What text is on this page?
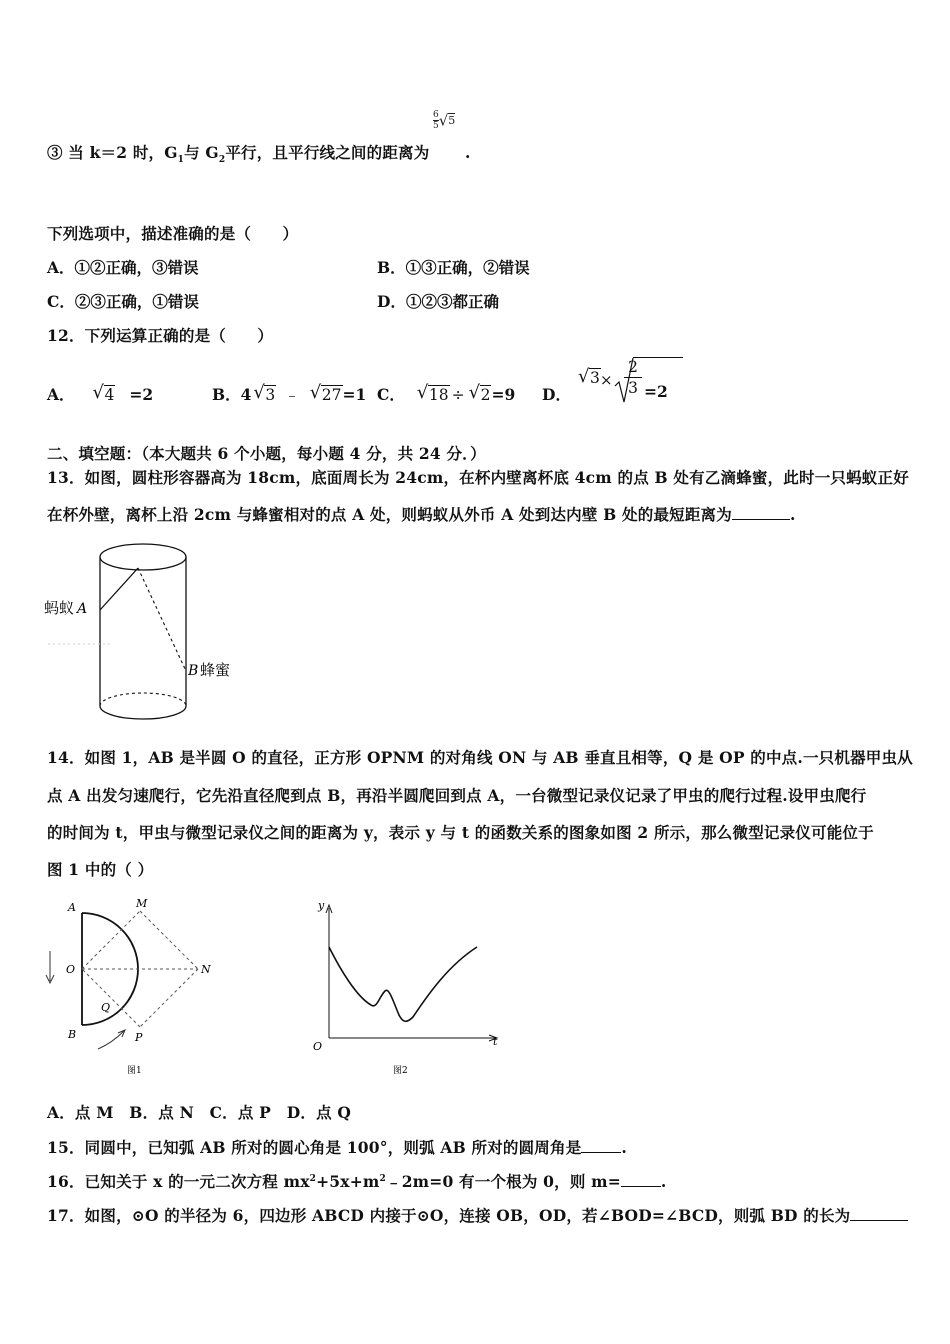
③ 当 k＝2 时，$G_1$与 $G_2$平行，且平行线之间的距离为 .
$\frac{6}{5} √5$
下列选项中，描述准确的是（　　）
A．①②正确，③错误	B．①③正确，②错误
C．②③正确，①错误	D．①②③都正确
12．下列运算正确的是（　　）
A． √ 4 =2	B．4 √ 3 ﹣ √ 27=1 C． √ 18 ÷ √ 2=9 D．
√ 3 ×
2
3 =2
二、填空题：（本大题共 6 个小题，每小题 4 分，共 24 分．）
13．如图，圆柱形容器高为 18cm，底面周长为 24cm，在杯内壁离杯底 4cm 的点 B 处有乙滴蜂蜜，此时一只蚂蚁正好
在杯外壁，离杯上沿 2cm 与蜂蜜相对的点 A 处，则蚂蚁从外币 A 处到达内壁 B 处的最短距离为	.
蚂蚁 A
B 蜂蜜
14．如图 1，AB 是半圆 O 的直径，正方形 OPNM 的对角线 ON 与 AB 垂直且相等，Q 是 OP 的中点.一只机器甲虫从
点 A 出发匀速爬行，它先沿直径爬到点 B，再沿半圆爬回到点 A，一台微型记录仪记录了甲虫的爬行过程.设甲虫爬行
的时间为 t，甲虫与微型记录仪之间的距离为 y，表示 y 与 t 的函数关系的图象如图 2 所示，那么微型记录仪可能位于
图 1 中的（ ）
A	M
O	N
Q
B	P
图1
y
O	t
图2
A．点 M　B．点 N　C．点 P　D．点 Q
15．同圆中，已知弧 AB 所对的圆心角是 100°，则弧 AB 所对的圆周角是	.
16．已知关于 x 的一元二次方程 $mx^2+5x+m^2﹣2m=0$ 有一个根为 0，则 m=	.
17．如图，⊙O 的半径为 6，四边形 ABCD 内接于⊙O，连接 OB，OD，若∠BOD=∠BCD，则弧 BD 的长为
